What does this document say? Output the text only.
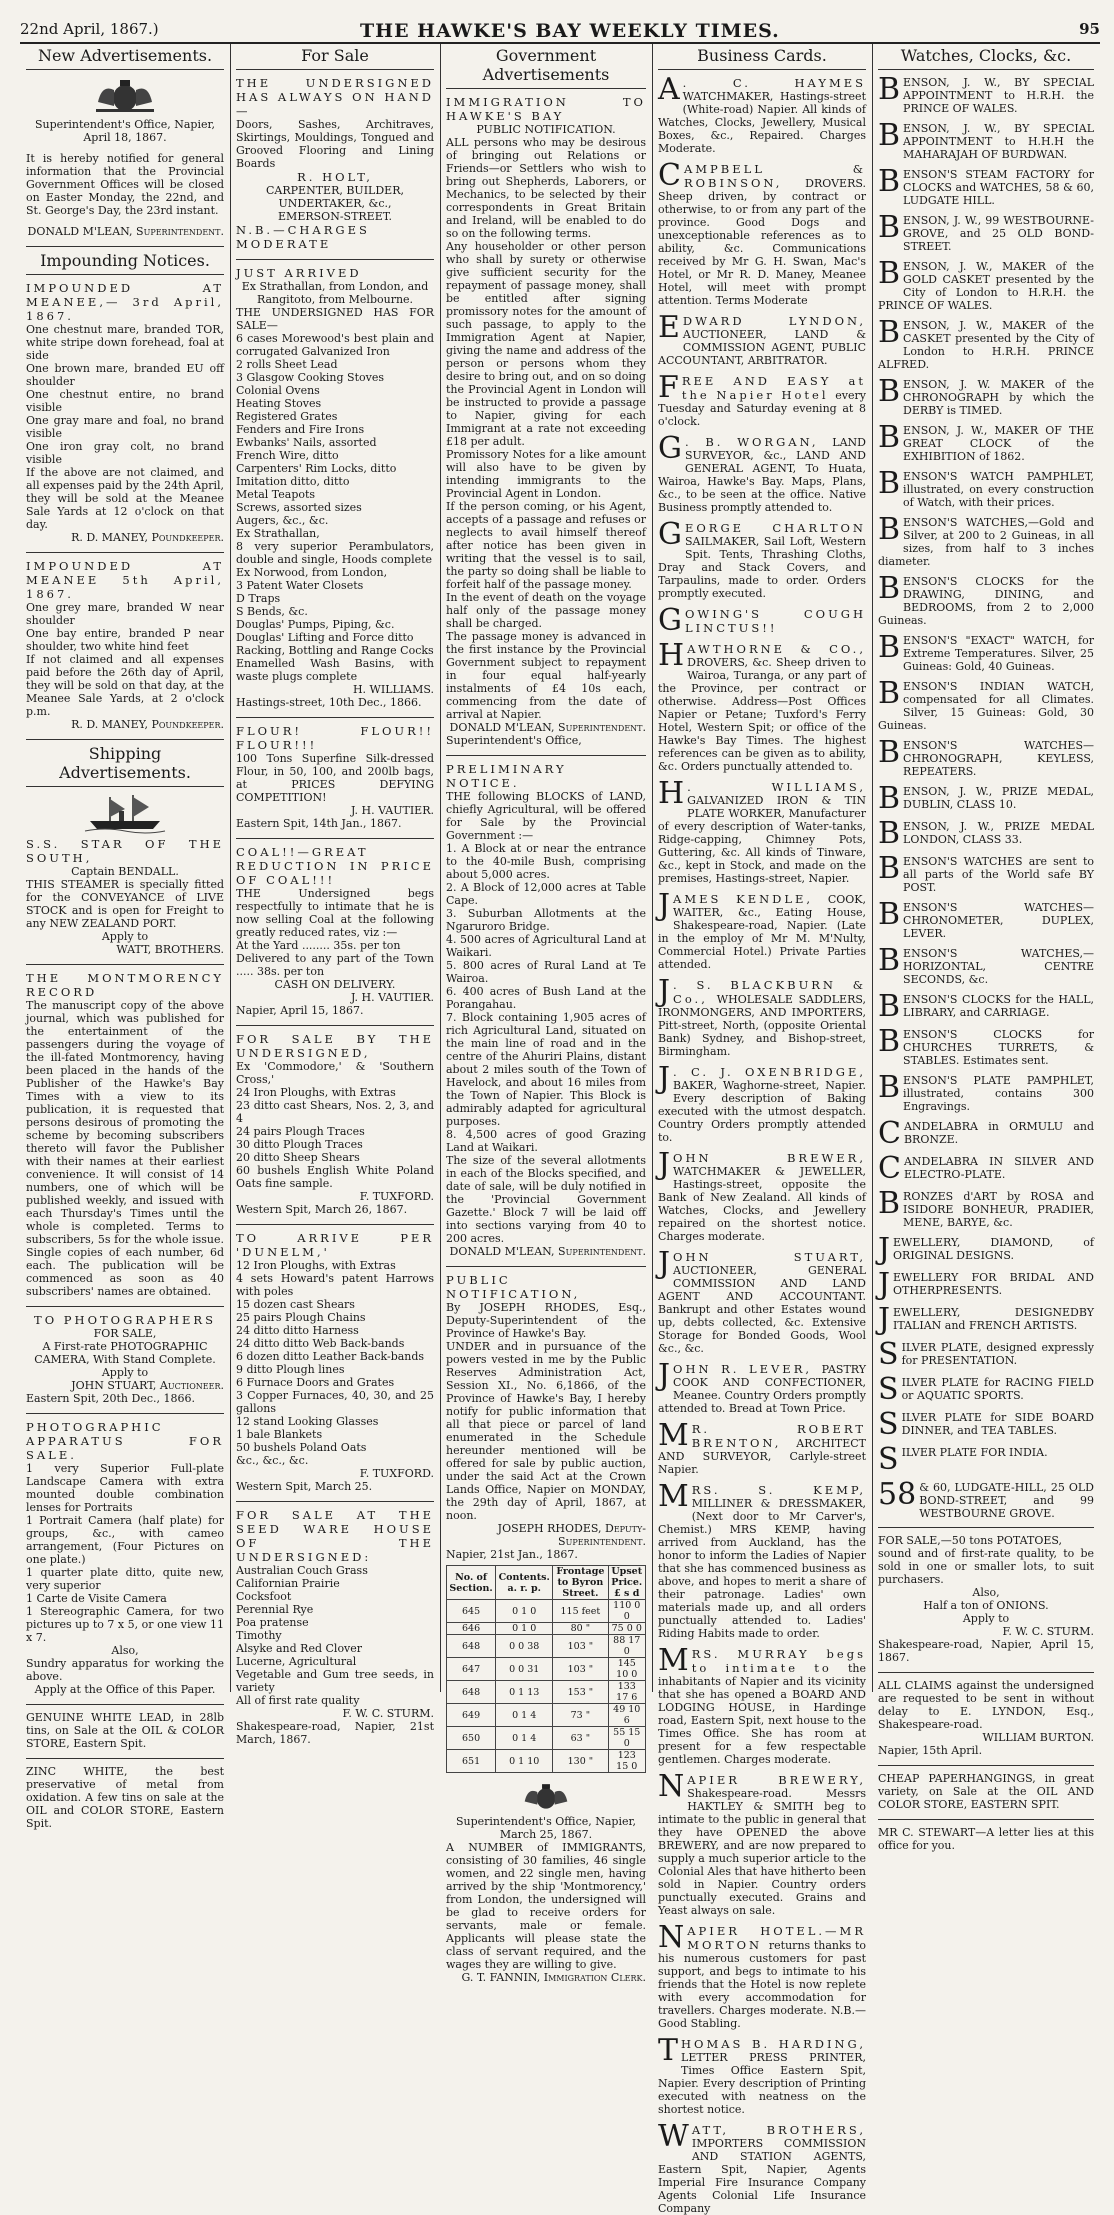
22nd April, 1867.)	THE HAWKE'S BAY WEEKLY TIMES.	95
New Advertisements.
Superintendent's Office, Napier, April 18, 1867.
It is hereby notified for general information that the Provincial Government Offices will be closed on Easter Monday, the 22nd, and St. George's Day, the 23rd instant.
DONALD M'LEAN, Superintendent.
Impounding Notices.
IMPOUNDED AT MEANEE,— 3rd April, 1867.
One chestnut mare, branded TOR, white stripe down forehead, foal at side
One brown mare, branded EU off shoulder
One chestnut entire, no brand visible
One gray mare and foal, no brand visible
One iron gray colt, no brand visible
If the above are not claimed, and all expenses paid by the 24th April, they will be sold at the Meanee Sale Yards at 12 o'clock on that day.
R. D. MANEY, Poundkeeper.
IMPOUNDED AT MEANEE 5th April, 1867.
One grey mare, branded W near shoulder
One bay entire, branded P near shoulder, two white hind feet
If not claimed and all expenses paid before the 26th day of April, they will be sold on that day, at the Meanee Sale Yards, at 2 o'clock p.m.
R. D. MANEY, Poundkeeper.
Shipping Advertisements.
S.S. STAR OF THE SOUTH,
Captain BENDALL.
THIS STEAMER is specially fitted for the CONVEYANCE of LIVE STOCK and is open for Freight to any NEW ZEALAND PORT.
Apply to
WATT, BROTHERS.
THE MONTMORENCY RECORD
The manuscript copy of the above journal, which was published for the entertainment of the passengers during the voyage of the ill-fated Montmorency, having been placed in the hands of the Publisher of the Hawke's Bay Times with a view to its publication, it is requested that persons desirous of promoting the scheme by becoming subscribers thereto will favor the Publisher with their names at their earliest convenience. It will consist of 14 numbers, one of which will be published weekly, and issued with each Thursday's Times until the whole is completed. Terms to subscribers, 5s for the whole issue. Single copies of each number, 6d each. The publication will be commenced as soon as 40 subscribers' names are obtained.
TO PHOTOGRAPHERS
FOR SALE,
A First-rate PHOTOGRAPHIC CAMERA, With Stand Complete.
Apply to
JOHN STUART, Auctioneer.
Eastern Spit, 20th Dec., 1866.
PHOTOGRAPHIC APPARATUS FOR SALE.
1 very Superior Full-plate Landscape Camera with extra mounted double combination lenses for Portraits
1 Portrait Camera (half plate) for groups, &c., with cameo arrangement, (Four Pictures on one plate.)
1 quarter plate ditto, quite new, very superior
1 Carte de Visite Camera
1 Stereographic Camera, for two pictures up to 7 x 5, or one view 11 x 7.
Also,
Sundry apparatus for working the above.
Apply at the Office of this Paper.
GENUINE WHITE LEAD, in 28lb tins, on Sale at the OIL & COLOR STORE, Eastern Spit.
ZINC WHITE, the best preservative of metal from oxidation. A few tins on sale at the OIL and COLOR STORE, Eastern Spit.
For Sale
THE UNDERSIGNED HAS ALWAYS ON HAND—
Doors, Sashes, Architraves, Skirtings, Mouldings, Tongued and Grooved Flooring and Lining Boards
R. HOLT,
CARPENTER, BUILDER, UNDERTAKER, &c.,
EMERSON-STREET.
N.B.—CHARGES MODERATE
JUST ARRIVED
Ex Strathallan, from London, and Rangitoto, from Melbourne.
THE UNDERSIGNED HAS FOR SALE—
6 cases Morewood's best plain and corrugated Galvanized Iron
2 rolls Sheet Lead
3 Glasgow Cooking Stoves
Colonial Ovens
Heating Stoves
Registered Grates
Fenders and Fire Irons
Ewbanks' Nails, assorted
French Wire, ditto
Carpenters' Rim Locks, ditto
Imitation ditto, ditto
Metal Teapots
Screws, assorted sizes
Augers, &c., &c.
Ex Strathallan,
8 very superior Perambulators, double and single, Hoods complete
Ex Norwood, from London,
3 Patent Water Closets
D Traps
S Bends, &c.
Douglas' Pumps, Piping, &c.
Douglas' Lifting and Force ditto
Racking, Bottling and Range Cocks
Enamelled Wash Basins, with waste plugs complete
H. WILLIAMS.
Hastings-street, 10th Dec., 1866.
FLOUR! FLOUR!! FLOUR!!!
100 Tons Superfine Silk-dressed Flour, in 50, 100, and 200lb bags, at PRICES DEFYING COMPETITION!
J. H. VAUTIER.
Eastern Spit, 14th Jan., 1867.
COAL!!—GREAT REDUCTION IN PRICE OF COAL!!!
THE Undersigned begs respectfully to intimate that he is now selling Coal at the following greatly reduced rates, viz :—
At the Yard ........ 35s. per ton
Delivered to any part of the Town ..... 38s. per ton
CASH ON DELIVERY.
J. H. VAUTIER.
Napier, April 15, 1867.
FOR SALE BY THE UNDERSIGNED,
Ex 'Commodore,' & 'Southern Cross,'
24 Iron Ploughs, with Extras
23 ditto cast Shears, Nos. 2, 3, and 4
24 pairs Plough Traces
30 ditto Plough Traces
20 ditto Sheep Shears
60 bushels English White Poland Oats fine sample.
F. TUXFORD.
Western Spit, March 26, 1867.
TO ARRIVE PER 'DUNELM,'
12 Iron Ploughs, with Extras
4 sets Howard's patent Harrows with poles
15 dozen cast Shears
25 pairs Plough Chains
24 ditto ditto Harness
24 ditto ditto Web Back-bands
6 dozen ditto Leather Back-bands
9 ditto Plough lines
6 Furnace Doors and Grates
3 Copper Furnaces, 40, 30, and 25 gallons
12 stand Looking Glasses
1 bale Blankets
50 bushels Poland Oats
&c., &c., &c.
F. TUXFORD.
Western Spit, March 25.
FOR SALE AT THE SEED WARE HOUSE OF THE UNDERSIGNED:
Australian Couch Grass
Californian Prairie
Cocksfoot
Perennial Rye
Poa pratense
Timothy
Alsyke and Red Clover
Lucerne, Agricultural
Vegetable and Gum tree seeds, in variety
All of first rate quality
F. W. C. STURM.
Shakespeare-road, Napier, 21st March, 1867.
Government Advertisements
IMMIGRATION TO HAWKE'S BAY
PUBLIC NOTIFICATION.
ALL persons who may be desirous of bringing out Relations or Friends—or Settlers who wish to bring out Shepherds, Laborers, or Mechanics, to be selected by their correspondents in Great Britain and Ireland, will be enabled to do so on the following terms.
Any householder or other person who shall by surety or otherwise give sufficient security for the repayment of passage money, shall be entitled after signing promissory notes for the amount of such passage, to apply to the Immigration Agent at Napier, giving the name and address of the person or persons whom they desire to bring out, and on so doing the Provincial Agent in London will be instructed to provide a passage to Napier, giving for each Immigrant at a rate not exceeding £18 per adult.
Promissory Notes for a like amount will also have to be given by intending immigrants to the Provincial Agent in London.
If the person coming, or his Agent, accepts of a passage and refuses or neglects to avail himself thereof after notice has been given in writing that the vessel is to sail, the party so doing shall be liable to forfeit half of the passage money.
In the event of death on the voyage half only of the passage money shall be charged.
The passage money is advanced in the first instance by the Provincial Government subject to repayment in four equal half-yearly instalments of £4 10s each, commencing from the date of arrival at Napier.
DONALD M'LEAN, Superintendent.
Superintendent's Office,
PRELIMINARY NOTICE.
THE following BLOCKS of LAND, chiefly Agricultural, will be offered for Sale by the Provincial Government :—
1. A Block at or near the entrance to the 40-mile Bush, comprising about 5,000 acres.
2. A Block of 12,000 acres at Table Cape.
3. Suburban Allotments at the Ngaruroro Bridge.
4. 500 acres of Agricultural Land at Waikari.
5. 800 acres of Rural Land at Te Wairoa.
6. 400 acres of Bush Land at the Porangahau.
7. Block containing 1,905 acres of rich Agricultural Land, situated on the main line of road and in the centre of the Ahuriri Plains, distant about 2 miles south of the Town of Havelock, and about 16 miles from the Town of Napier. This Block is admirably adapted for agricultural purposes.
8. 4,500 acres of good Grazing Land at Waikari.
The size of the several allotments in each of the Blocks specified, and date of sale, will be duly notified in the 'Provincial Government Gazette.' Block 7 will be laid off into sections varying from 40 to 200 acres.
DONALD M'LEAN, Superintendent.
PUBLIC NOTIFICATION,
By JOSEPH RHODES, Esq., Deputy-Superintendent of the Province of Hawke's Bay.
UNDER and in pursuance of the powers vested in me by the Public Reserves Administration Act, Session XI., No. 6,1866, of the Province of Hawke's Bay, I hereby notify for public information that all that piece or parcel of land enumerated in the Schedule hereunder mentioned will be offered for sale by public auction, under the said Act at the Crown Lands Office, Napier on MONDAY, the 29th day of April, 1867, at noon.
JOSEPH RHODES, Deputy-Superintendent.
Napier, 21st Jan., 1867.
No. of Section.	Contents. a. r. p.	Frontage to Byron Street.	Upset Price. £ s d
645	0 1 0	115 feet	110 0 0
646	0 1 0	80 "	75 0 0
648	0 0 38	103 "	88 17 0
647	0 0 31	103 "	145 10 0
648	0 1 13	153 "	133 17 6
649	0 1 4	73 "	49 10 6
650	0 1 4	63 "	55 15 0
651	0 1 10	130 "	123 15 0
Superintendent's Office, Napier, March 25, 1867.
A NUMBER of IMMIGRANTS, consisting of 30 families, 46 single women, and 22 single men, having arrived by the ship 'Montmorency,' from London, the undersigned will be glad to receive orders for servants, male or female. Applicants will please state the class of servant required, and the wages they are willing to give.
G. T. FANNIN, Immigration Clerk.
Business Cards.
A . C. HAYMES WATCHMAKER, Hastings-street (White-road) Napier. All kinds of Watches, Clocks, Jewellery, Musical Boxes, &c., Repaired. Charges Moderate.
CAMPBELL & ROBINSON, DROVERS. Sheep driven, by contract or otherwise, to or from any part of the province. Good Dogs and unexceptionable references as to ability, &c. Communications received by Mr G. H. Swan, Mac's Hotel, or Mr R. D. Maney, Meanee Hotel, will meet with prompt attention. Terms Moderate
EDWARD LYNDON, AUCTIONEER, LAND & COMMISSION AGENT, PUBLIC ACCOUNTANT, ARBITRATOR.
FREE AND EASY at the Napier Hotel every Tuesday and Saturday evening at 8 o'clock.
G . B. WORGAN, LAND SURVEYOR, &c., LAND AND GENERAL AGENT, To Huata, Wairoa, Hawke's Bay. Maps, Plans, &c., to be seen at the office. Native Business promptly attended to.
GEORGE CHARLTON SAILMAKER, Sail Loft, Western Spit. Tents, Thrashing Cloths, Dray and Stack Covers, and Tarpaulins, made to order. Orders promptly executed.
GOWING'S COUGH LINCTUS!!
HAWTHORNE & CO., DROVERS, &c. Sheep driven to Wairoa, Turanga, or any part of the Province, per contract or otherwise. Address—Post Offices Napier or Petane; Tuxford's Ferry Hotel, Western Spit; or office of the Hawke's Bay Times. The highest references can be given as to ability, &c. Orders punctually attended to.
H . WILLIAMS, GALVANIZED IRON & TIN PLATE WORKER, Manufacturer of every description of Water-tanks, Ridge-capping, Chimney Pots, Guttering, &c. All kinds of Tinware, &c., kept in Stock, and made on the premises, Hastings-street, Napier.
JAMES KENDLE, COOK, WAITER, &c., Eating House, Shakespeare-road, Napier. (Late in the employ of Mr M. M'Nulty, Commercial Hotel.) Private Parties attended.
J . S. BLACKBURN & Co., WHOLESALE SADDLERS, IRONMONGERS, AND IMPORTERS, Pitt-street, North, (opposite Oriental Bank) Sydney, and Bishop-street, Birmingham.
J . C. J. OXENBRIDGE, BAKER, Waghorne-street, Napier. Every description of Baking executed with the utmost despatch. Country Orders promptly attended to.
JOHN BREWER, WATCHMAKER & JEWELLER, Hastings-street, opposite the Bank of New Zealand. All kinds of Watches, Clocks, and Jewellery repaired on the shortest notice. Charges moderate.
JOHN STUART, AUCTIONEER, GENERAL COMMISSION AND LAND AGENT AND ACCOUNTANT. Bankrupt and other Estates wound up, debts collected, &c. Extensive Storage for Bonded Goods, Wool &c., &c.
JOHN R. LEVER, PASTRY COOK AND CONFECTIONER, Meanee. Country Orders promptly attended to. Bread at Town Price.
M R. ROBERT BRENTON, ARCHITECT AND SURVEYOR, Carlyle-street Napier.
MRS. S. KEMP, MILLINER & DRESSMAKER, (Next door to Mr Carver's, Chemist.) MRS KEMP, having arrived from Auckland, has the honor to inform the Ladies of Napier that she has commenced business as above, and hopes to merit a share of their patronage. Ladies' own materials made up, and all orders punctually attended to. Ladies' Riding Habits made to order.
MRS. MURRAY begs to intimate to the inhabitants of Napier and its vicinity that she has opened a BOARD AND LODGING HOUSE, in Hardinge road, Eastern Spit, next house to the Times Office. She has room at present for a few respectable gentlemen. Charges moderate.
NAPIER BREWERY, Shakespeare-road. Messrs HAKTLEY & SMITH beg to intimate to the public in general that they have OPENED the above BREWERY, and are now prepared to supply a much superior article to the Colonial Ales that have hitherto been sold in Napier. Country orders punctually executed. Grains and Yeast always on sale.
NAPIER HOTEL.—MR MORTON returns thanks to his numerous customers for past support, and begs to intimate to his friends that the Hotel is now replete with every accommodation for travellers. Charges moderate. N.B.—Good Stabling.
THOMAS B. HARDING, LETTER PRESS PRINTER, Times Office Eastern Spit, Napier. Every description of Printing executed with neatness on the shortest notice.
WATT, BROTHERS, IMPORTERS COMMISSION AND STATION AGENTS, Eastern Spit, Napier, Agents Imperial Fire Insurance Company Agents Colonial Life Insurance Company
Watches, Clocks, &c.
BENSON, J. W., BY SPECIAL APPOINTMENT to H.R.H. the PRINCE OF WALES.
BENSON, J. W., BY SPECIAL APPOINTMENT to H.H.H the MAHARAJAH OF BURDWAN.
BENSON'S STEAM FACTORY for CLOCKS and WATCHES, 58 & 60, LUDGATE HILL.
BENSON, J. W., 99 WESTBOURNE-GROVE, and 25 OLD BOND-STREET.
BENSON, J. W., MAKER of the GOLD CASKET presented by the City of London to H.R.H. the PRINCE OF WALES.
BENSON, J. W., MAKER of the CASKET presented by the City of London to H.R.H. PRINCE ALFRED.
BENSON, J. W. MAKER of the CHRONOGRAPH by which the DERBY is TIMED.
BENSON, J. W., MAKER OF THE GREAT CLOCK of the EXHIBITION of 1862.
BENSON'S WATCH PAMPHLET, illustrated, on every construction of Watch, with their prices.
BENSON'S WATCHES,—Gold and Silver, at 200 to 2 Guineas, in all sizes, from half to 3 inches diameter.
BENSON'S CLOCKS for the DRAWING, DINING, and BEDROOMS, from 2 to 2,000 Guineas.
BENSON'S "EXACT" WATCH, for Extreme Temperatures. Silver, 25 Guineas: Gold, 40 Guineas.
BENSON'S INDIAN WATCH, compensated for all Climates. Silver, 15 Guineas: Gold, 30 Guineas.
BENSON'S WATCHES—CHRONOGRAPH, KEYLESS, REPEATERS.
BENSON, J. W., PRIZE MEDAL, DUBLIN, CLASS 10.
BENSON, J. W., PRIZE MEDAL LONDON, CLASS 33.
BENSON'S WATCHES are sent to all parts of the World safe BY POST.
BENSON'S WATCHES—CHRONOMETER, DUPLEX, LEVER.
BENSON'S WATCHES,—HORIZONTAL, CENTRE SECONDS, &c.
BENSON'S CLOCKS for the HALL, LIBRARY, and CARRIAGE.
BENSON'S CLOCKS for CHURCHES TURRETS, & STABLES. Estimates sent.
BENSON'S PLATE PAMPHLET, illustrated, contains 300 Engravings.
CANDELABRA in ORMULU and BRONZE.
CANDELABRA IN SILVER AND ELECTRO-PLATE.
BRONZES d'ART by ROSA and ISIDORE BONHEUR, PRADIER, MENE, BARYE, &c.
JEWELLERY, DIAMOND, of ORIGINAL DESIGNS.
JEWELLERY FOR BRIDAL AND OTHERPRESENTS.
JEWELLERY, DESIGNEDBY ITALIAN and FRENCH ARTISTS.
SILVER PLATE, designed expressly for PRESENTATION.
SILVER PLATE for RACING FIELD or AQUATIC SPORTS.
SILVER PLATE for SIDE BOARD DINNER, and TEA TABLES.
SILVER PLATE FOR INDIA.
58 & 60, LUDGATE-HILL, 25 OLD BOND-STREET, and 99 WESTBOURNE GROVE.
FOR SALE,—50 tons POTATOES,
sound and of first-rate quality, to be sold in one or smaller lots, to suit purchasers.
Also,
Half a ton of ONIONS.
Apply to
F. W. C. STURM.
Shakespeare-road, Napier, April 15, 1867.
ALL CLAIMS against the undersigned are requested to be sent in without delay to E. LYNDON, Esq., Shakespeare-road.
WILLIAM BURTON.
Napier, 15th April.
CHEAP PAPERHANGINGS, in great variety, on Sale at the OIL AND COLOR STORE, EASTERN SPIT.
MR C. STEWART—A letter lies at this office for you.
